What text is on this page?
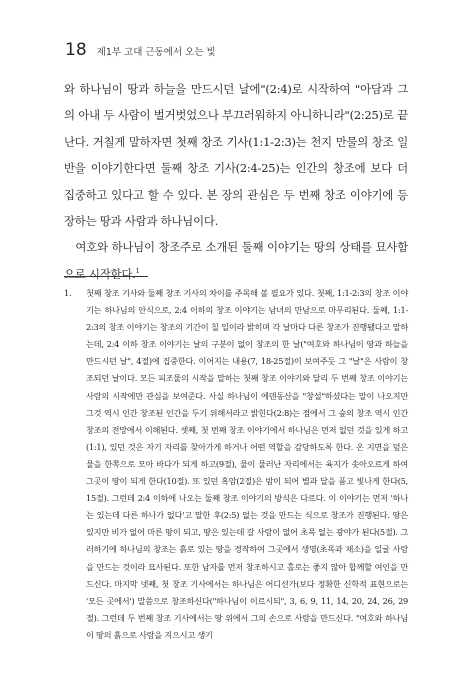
18 제1부 고대 근동에서 오는 빛

와 하나님이 땅과 하늘을 만드시던 날에"(2:4)로 시작하여 "아담과 그의 아내 두 사람이 벌거벗었으나 부끄러워하지 아니하니라"(2:25)로 끝난다. 거칠게 말하자면 첫째 창조 기사(1:1-2:3)는 천지 만물의 창조 일반을 이야기한다면 둘째 창조 기사(2:4-25)는 인간의 창조에 보다 더 집중하고 있다고 할 수 있다. 본 장의 관심은 두 번째 창조 이야기에 등장하는 땅과 사람과 하나님이다.

여호와 하나님이 창조주로 소개된 둘째 이야기는 땅의 상태를 묘사함으로 시작한다.$^1$

1.	첫째 창조 기사와 둘째 창조 기사의 차이를 주목해 볼 필요가 있다. 첫째, 1:1-2:3의 창조 이야기는 하나님의 안식으로, 2:4 이하의 창조 이야기는 남녀의 만남으로 마무리된다. 둘째, 1:1-2:3의 창조 이야기는 창조의 기간이 칠 일이라 밝히며 각 날마다 다른 창조가 진행됐다고 말하는데, 2:4 이하 창조 이야기는 날의 구분이 없이 창조의 한 날("여호와 하나님이 땅과 하늘을 만드시던 날", 4절)에 집중한다. 이어지는 내용(7, 18-25절)이 보여주듯 그 "날"은 사람이 창조되던 날이다. 모든 피조물의 시작을 말하는 첫째 창조 이야기와 달리 두 번째 창조 이야기는 사람의 시작에만 관심을 보여준다. 사실 하나님이 에덴동산을 "창설"하셨다는 말이 나오지만 그것 역시 인간 창조된 인간을 두기 위해서라고 밝힌다(2:8)는 점에서 그 숲의 창조 역시 인간 창조의 전망에서 이해된다. 셋째, 첫 번째 창조 이야기에서 하나님은 먼저 없던 것을 있게 하고(1:1), 있던 것은 자기 자리를 찾아가게 하거나 어떤 역할을 감당하도록 한다. 온 지면을 덮은 물을 한쪽으로 모아 바다가 되게 하고(9절), 물이 물러난 자리에서는 육지가 솟아오르게 하여 그곳이 땅이 되게 한다(10절). 또 있던 혹암(2절)은 밤이 되어 별과 달을 품고 빛나게 한다(5, 15절). 그런데 2:4 이하에 나오는 둘째 창조 이야기의 방식은 다르다. 이 이야기는 먼저 '하나는 있는데 다른 하나가 없다'고 말한 후(2:5) 없는 것을 만드는 식으로 창조가 진행된다. 땅은 있지만 비가 없어 마른 땅이 되고, 땅은 있는데 갈 사람이 없어 초목 없는 광야가 된다(5절). 그러하기에 하나님의 창조는 흙로 있는 땅을 경작하여 그곳에서 생명(초목과 채소)을 일굴 사람을 만드는 것이라 묘사된다. 또한 남자를 먼저 창조하시고 홀로는 좋지 않아 합께할 여인을 만드신다. 마지막 넷째, 첫 창조 기사에서는 하나님은 어디선가(보다 정확한 신학적 표현으로는 '모든 곳에서') 말씀으로 창조하신다("하나님이 이르시되", 3, 6, 9, 11, 14, 20, 24, 26, 29절). 그런데 두 번째 창조 기사에서는 땅 위에서 그의 손으로 사람을 만드신다. "여호와 하나님이 땅의 흙으로 사람을 지으시고 생기
